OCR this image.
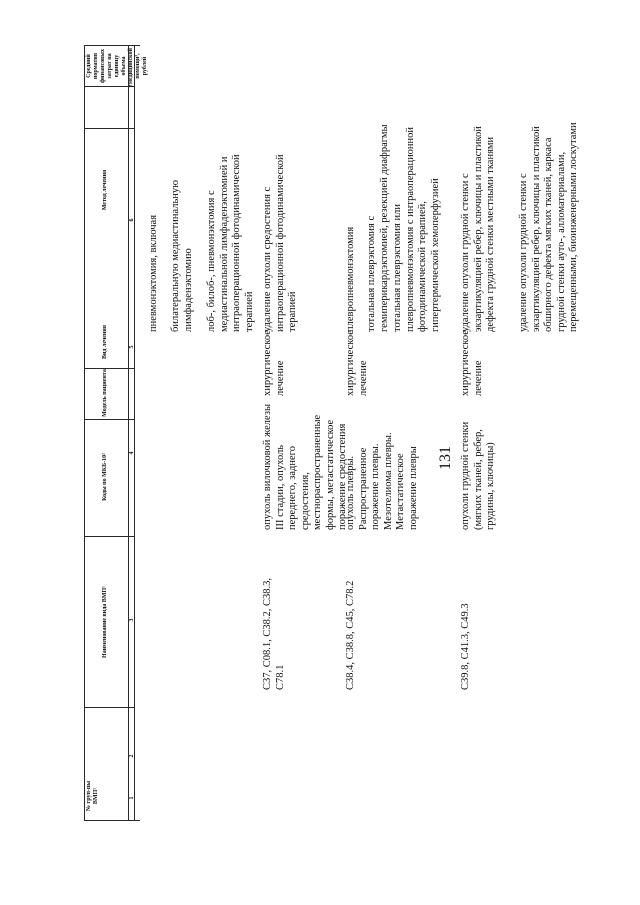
131
№ груп-пы ВМП¹
Наименование вида ВМП¹
Коды по МКБ-10²
Модель пациента
Вид лечения
Метод лечения
Средний норматив финансовых затрат на единицу объема медицинской помощи³, рублей
1
2
3
4
5
6
7
пневмонэктомия, включая билатеральную медиастинальную лимфаденэктомию лоб-, билоб-, пневмонэктомия с медиастинальной лимфаденэктомией и интраоперационной фотодинамической терапией
C37, C08.1, C38.2, C38.3, C78.1
опухоль вилочковой железы III стадии, опухоль переднего, заднего средостения, местнораспространенные формы, метастатическое поражение средостения
хирургическое лечение
удаление опухоли средостения с интраоперационной фотодинамической терапией
C38.4, C38.8, C45, C78.2
опухоль плевры. Распространенное поражение плевры. Мезотелиома плевры. Метастатическое поражение плевры
хирургическое лечение
плевропневмонэктомия тотальная плеврэктомия с гемиперикардэктомией, резекцией диафрагмы тотальная плеврэктомия или плевропневмонэктомия с интраоперационной фотодинамической терапией, гипертермической хемоперфузией
C39.8, C41.3, C49.3
опухоли грудной стенки (мягких тканей, ребер, грудины, ключицы)
хирургическое лечение
удаление опухоли грудной стенки с экзартикуляцией ребер, ключицы и пластикой дефекта грудной стенки местными тканями удаление опухоли грудной стенки с экзартикуляцией ребер, ключицы и пластикой обширного дефекта мягких тканей, каркаса грудной стенки ауто-, алломатериалами, перемещенными, биоинженерными лоскутами
